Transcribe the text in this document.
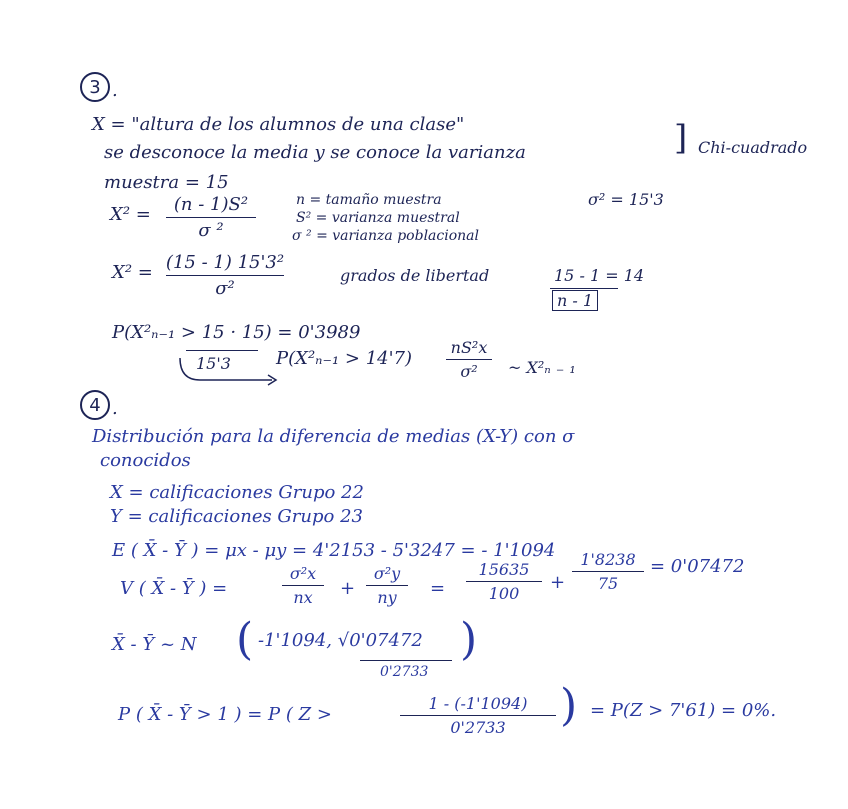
3 .
X = "altura de los alumnos de una clase"
se desconoce la media y se conoce la varianza	] Chi-cuadrado
muestra = 15
X² = (n - 1)S²
σ ²
n = tamaño muestra
S² = varianza muestral
σ ² = varianza poblacional
σ² = 15'3
X² = (15 - 1) 15'3²
σ²
grados de libertad	15 - 1 = 14
n - 1
P(X²ₙ₋₁ > 15 · 15) = 0'3989
15'3	P(X²ₙ₋₁ > 14'7)
nS²x
σ² ~ X²ₙ ₋ ₁
4 .
Distribución para la diferencia de medias (X-Y) con σ
conocidos
X = calificaciones Grupo 22
Y = calificaciones Grupo 23
E ( X̄ - Ȳ ) = μx - μy = 4'2153 - 5'3247 = - 1'1094
V ( X̄ - Ȳ ) =
σ²x
nx +
σ²y
ny =
15635
100
+
1'8238
75
= 0'07472
X̄ - Ȳ ~ N ( -1'1094, √0'07472 )
0'2733
P ( X̄ - Ȳ > 1 ) = P ( Z >
1 - (-1'1094)
0'2733 ) = P(Z > 7'61) = 0%.
